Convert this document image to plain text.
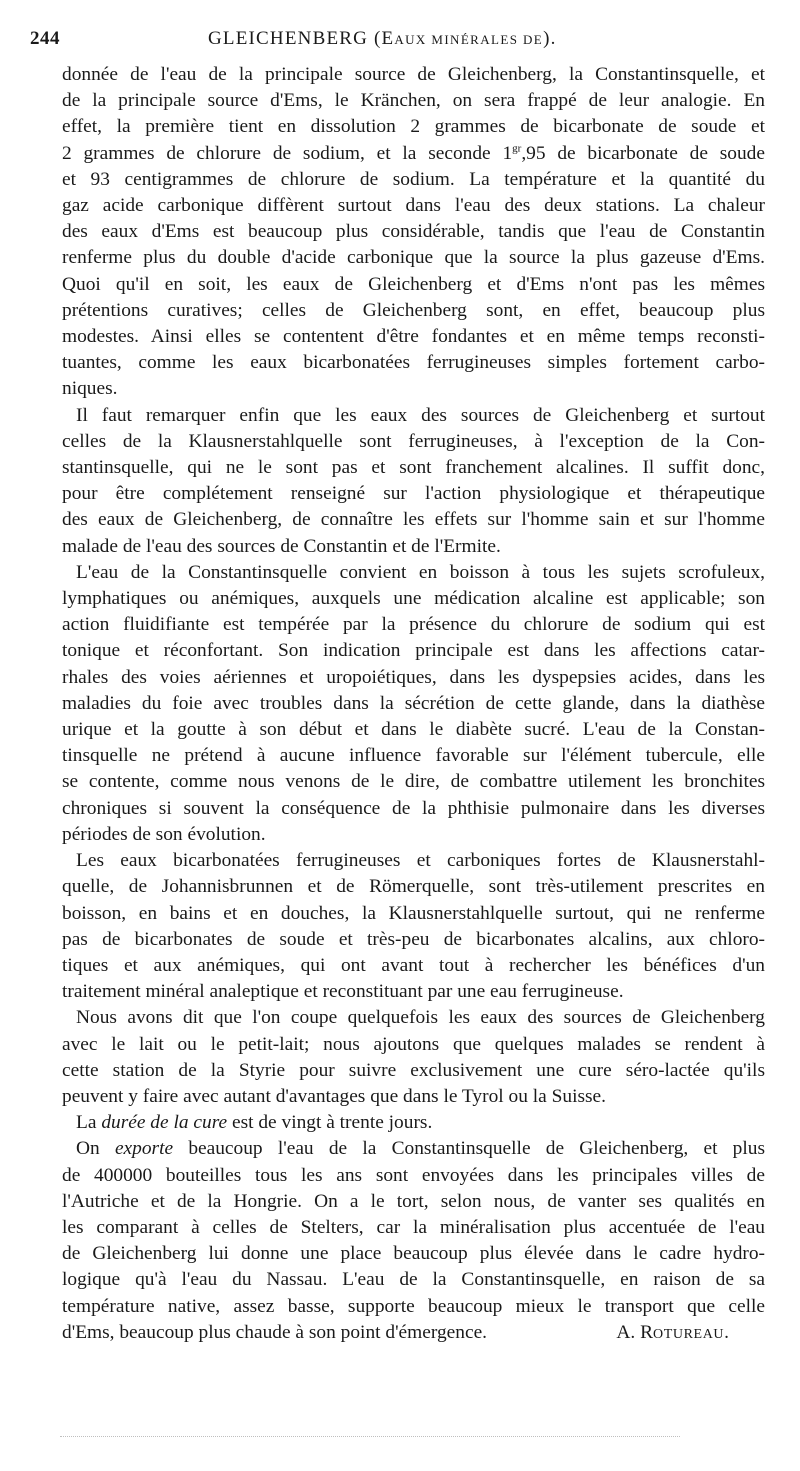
244	GLEICHENBERG (EAUX MINÉRALES DE).
donnée de l'eau de la principale source de Gleichenberg, la Constantinsquelle, et
de la principale source d'Ems, le Kränchen, on sera frappé de leur analogie. En
effet, la première tient en dissolution 2 grammes de bicarbonate de soude et
2 grammes de chlorure de sodium, et la seconde $1^{gr},95$ de bicarbonate de soude
et 93 centigrammes de chlorure de sodium. La température et la quantité du
gaz acide carbonique diffèrent surtout dans l'eau des deux stations. La chaleur
des eaux d'Ems est beaucoup plus considérable, tandis que l'eau de Constantin
renferme plus du double d'acide carbonique que la source la plus gazeuse d'Ems.
Quoi qu'il en soit, les eaux de Gleichenberg et d'Ems n'ont pas les mêmes
prétentions curatives; celles de Gleichenberg sont, en effet, beaucoup plus
modestes. Ainsi elles se contentent d'être fondantes et en même temps reconsti-
tuantes, comme les eaux bicarbonatées ferrugineuses simples fortement carbo-
niques.
Il faut remarquer enfin que les eaux des sources de Gleichenberg et surtout
celles de la Klausnerstahlquelle sont ferrugineuses, à l'exception de la Con-
stantinsquelle, qui ne le sont pas et sont franchement alcalines. Il suffit donc,
pour être complétement renseigné sur l'action physiologique et thérapeutique
des eaux de Gleichenberg, de connaître les effets sur l'homme sain et sur l'homme
malade de l'eau des sources de Constantin et de l'Ermite.
L'eau de la Constantinsquelle convient en boisson à tous les sujets scrofuleux,
lymphatiques ou anémiques, auxquels une médication alcaline est applicable; son
action fluidifiante est tempérée par la présence du chlorure de sodium qui est
tonique et réconfortant. Son indication principale est dans les affections catar-
rhales des voies aériennes et uropoiétiques, dans les dyspepsies acides, dans les
maladies du foie avec troubles dans la sécrétion de cette glande, dans la diathèse
urique et la goutte à son début et dans le diabète sucré. L'eau de la Constan-
tinsquelle ne prétend à aucune influence favorable sur l'élément tubercule, elle
se contente, comme nous venons de le dire, de combattre utilement les bronchites
chroniques si souvent la conséquence de la phthisie pulmonaire dans les diverses
périodes de son évolution.
Les eaux bicarbonatées ferrugineuses et carboniques fortes de Klausnerstahl-
quelle, de Johannisbrunnen et de Römerquelle, sont très-utilement prescrites en
boisson, en bains et en douches, la Klausnerstahlquelle surtout, qui ne renferme
pas de bicarbonates de soude et très-peu de bicarbonates alcalins, aux chloro-
tiques et aux anémiques, qui ont avant tout à rechercher les bénéfices d'un
traitement minéral analeptique et reconstituant par une eau ferrugineuse.
Nous avons dit que l'on coupe quelquefois les eaux des sources de Gleichenberg
avec le lait ou le petit-lait; nous ajoutons que quelques malades se rendent à
cette station de la Styrie pour suivre exclusivement une cure séro-lactée qu'ils
peuvent y faire avec autant d'avantages que dans le Tyrol ou la Suisse.
La durée de la cure est de vingt à trente jours.
On exporte beaucoup l'eau de la Constantinsquelle de Gleichenberg, et plus
de 400000 bouteilles tous les ans sont envoyées dans les principales villes de
l'Autriche et de la Hongrie. On a le tort, selon nous, de vanter ses qualités en
les comparant à celles de Stelters, car la minéralisation plus accentuée de l'eau
de Gleichenberg lui donne une place beaucoup plus élevée dans le cadre hydro-
logique qu'à l'eau du Nassau. L'eau de la Constantinsquelle, en raison de sa
température native, assez basse, supporte beaucoup mieux le transport que celle
d'Ems, beaucoup plus chaude à son point d'émergence.	A. ROTUREAU.
